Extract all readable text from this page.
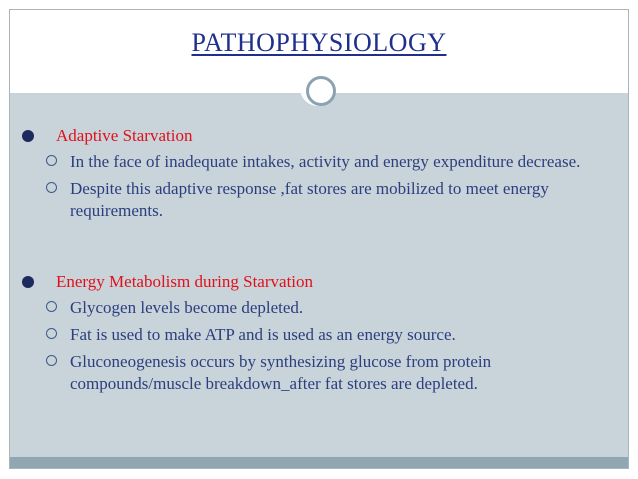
PATHOPHYSIOLOGY
Adaptive Starvation
In the face of inadequate intakes, activity and energy expenditure decrease.
Despite this adaptive response ,fat stores are mobilized to meet energy requirements.
Energy Metabolism during Starvation
Glycogen levels become depleted.
Fat is used to make ATP and is used as an energy source.
Gluconeogenesis occurs by synthesizing glucose from protein compounds/muscle breakdown_after fat stores are depleted.
